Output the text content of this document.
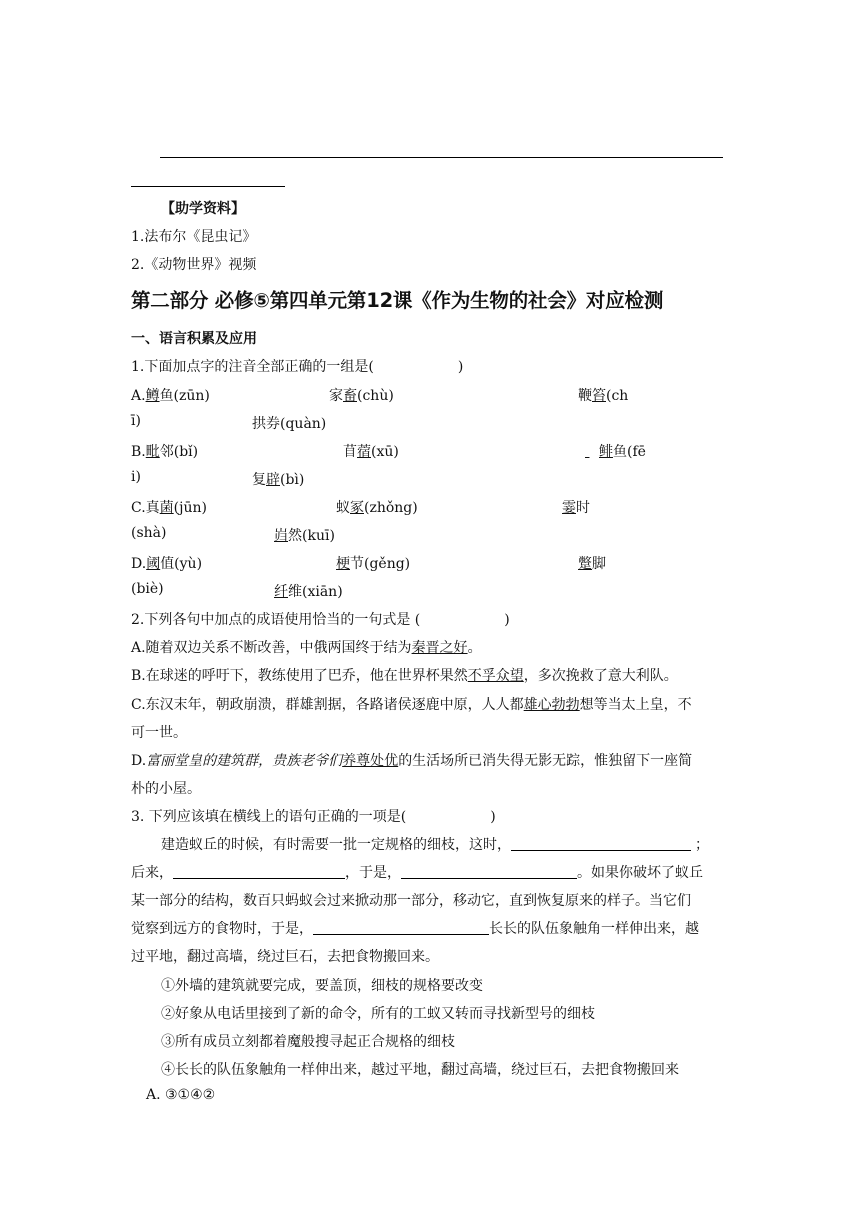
【助学资料】
1.法布尔《昆虫记》
2.《动物世界》视频
第二部分 必修⑤第四单元第12课《作为生物的社会》对应检测
一、语言积累及应用
1.下面加点字的注音全部正确的一组是(	)
A.鳟鱼(zūn)	家畜(chù)	鞭笞(ch
ī)	拱券(quàn)
B.毗邻(bǐ)	苜蓿(xū)	鲱鱼(fē
i)	复辟(bì)
C.真菌(jūn)	蚁冢(zhǒng)	霎时
(shà)	岿然(kuī)
D.阈值(yù)	梗节(gěng)	蹩脚
(biè)	纤维(xiān)
2.下列各句中加点的成语使用恰当的一句式是 (	)
A.随着双边关系不断改善，中俄两国终于结为秦晋之好。
B.在球迷的呼吁下，教练使用了巴乔，他在世界杯果然不孚众望，多次挽救了意大利队。
C.东汉末年，朝政崩溃，群雄割据，各路诸侯逐鹿中原，人人都雄心勃勃想等当太上皇，不
可一世。
D.富丽堂皇的建筑群，贵族老爷们养尊处优的生活场所已消失得无影无踪，惟独留下一座简
朴的小屋。
3. 下列应该填在横线上的语句正确的一项是(	)
建造蚁丘的时候，有时需要一批一定规格的细枝，这时，	；
后来，	，于是，	。如果你破坏了蚁丘
某一部分的结构，数百只蚂蚁会过来掀动那一部分，移动它，直到恢复原来的样子。当它们
觉察到远方的食物时，于是，	长长的队伍象触角一样伸出来，越
过平地，翻过高墙，绕过巨石，去把食物搬回来。
①外墙的建筑就要完成，要盖顶，细枝的规格要改变
②好象从电话里接到了新的命令，所有的工蚁又转而寻找新型号的细枝
③所有成员立刻都着魔般搜寻起正合规格的细枝
④长长的队伍象触角一样伸出来，越过平地，翻过高墙，绕过巨石，去把食物搬回来
A. ③①④②
